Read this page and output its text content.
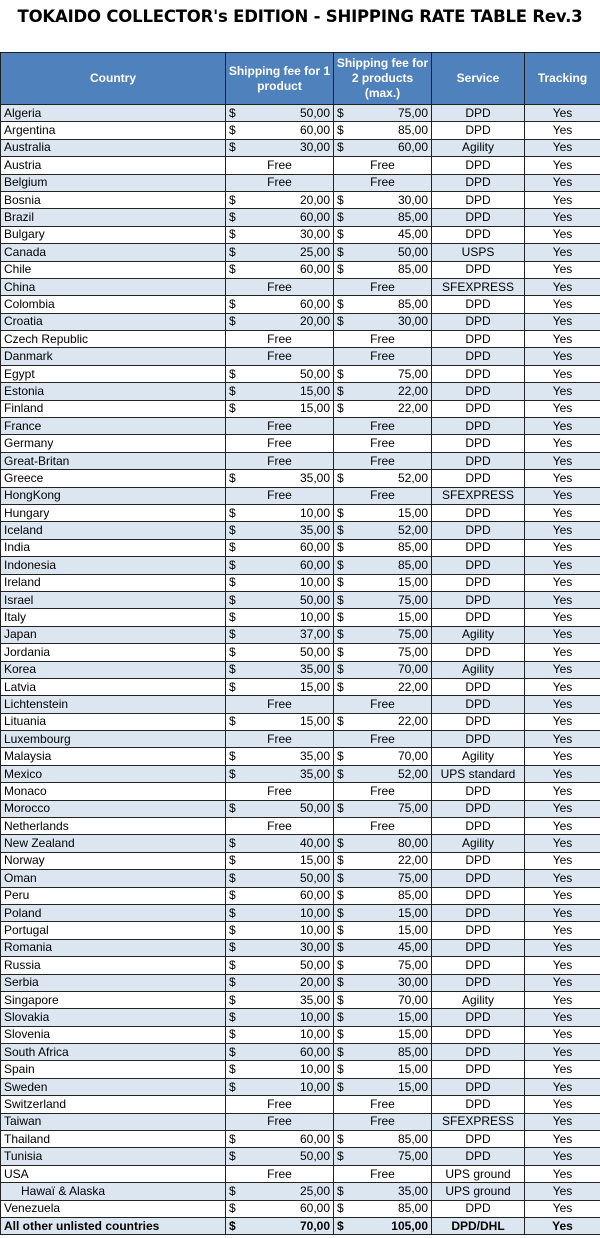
TOKAIDO COLLECTOR's EDITION - SHIPPING RATE TABLE Rev.3
Country	Shipping fee for 1 product	Shipping fee for 2 products (max.)	Service	Tracking
Algeria	$ 50,00	$ 75,00	DPD	Yes
Argentina	$ 60,00	$ 85,00	DPD	Yes
Australia	$ 30,00	$ 60,00	Agility	Yes
Austria	Free	Free	DPD	Yes
Belgium	Free	Free	DPD	Yes
Bosnia	$ 20,00	$ 30,00	DPD	Yes
Brazil	$ 60,00	$ 85,00	DPD	Yes
Bulgary	$ 30,00	$ 45,00	DPD	Yes
Canada	$ 25,00	$ 50,00	USPS	Yes
Chile	$ 60,00	$ 85,00	DPD	Yes
China	Free	Free	SFEXPRESS	Yes
Colombia	$ 60,00	$ 85,00	DPD	Yes
Croatia	$ 20,00	$ 30,00	DPD	Yes
Czech Republic	Free	Free	DPD	Yes
Danmark	Free	Free	DPD	Yes
Egypt	$ 50,00	$ 75,00	DPD	Yes
Estonia	$ 15,00	$ 22,00	DPD	Yes
Finland	$ 15,00	$ 22,00	DPD	Yes
France	Free	Free	DPD	Yes
Germany	Free	Free	DPD	Yes
Great-Britan	Free	Free	DPD	Yes
Greece	$ 35,00	$ 52,00	DPD	Yes
HongKong	Free	Free	SFEXPRESS	Yes
Hungary	$ 10,00	$ 15,00	DPD	Yes
Iceland	$ 35,00	$ 52,00	DPD	Yes
India	$ 60,00	$ 85,00	DPD	Yes
Indonesia	$ 60,00	$ 85,00	DPD	Yes
Ireland	$ 10,00	$ 15,00	DPD	Yes
Israel	$ 50,00	$ 75,00	DPD	Yes
Italy	$ 10,00	$ 15,00	DPD	Yes
Japan	$ 37,00	$ 75,00	Agility	Yes
Jordania	$ 50,00	$ 75,00	DPD	Yes
Korea	$ 35,00	$ 70,00	Agility	Yes
Latvia	$ 15,00	$ 22,00	DPD	Yes
Lichtenstein	Free	Free	DPD	Yes
Lituania	$ 15,00	$ 22,00	DPD	Yes
Luxembourg	Free	Free	DPD	Yes
Malaysia	$ 35,00	$ 70,00	Agility	Yes
Mexico	$ 35,00	$ 52,00	UPS standard	Yes
Monaco	Free	Free	DPD	Yes
Morocco	$ 50,00	$ 75,00	DPD	Yes
Netherlands	Free	Free	DPD	Yes
New Zealand	$ 40,00	$ 80,00	Agility	Yes
Norway	$ 15,00	$ 22,00	DPD	Yes
Oman	$ 50,00	$ 75,00	DPD	Yes
Peru	$ 60,00	$ 85,00	DPD	Yes
Poland	$ 10,00	$ 15,00	DPD	Yes
Portugal	$ 10,00	$ 15,00	DPD	Yes
Romania	$ 30,00	$ 45,00	DPD	Yes
Russia	$ 50,00	$ 75,00	DPD	Yes
Serbia	$ 20,00	$ 30,00	DPD	Yes
Singapore	$ 35,00	$ 70,00	Agility	Yes
Slovakia	$ 10,00	$ 15,00	DPD	Yes
Slovenia	$ 10,00	$ 15,00	DPD	Yes
South Africa	$ 60,00	$ 85,00	DPD	Yes
Spain	$ 10,00	$ 15,00	DPD	Yes
Sweden	$ 10,00	$ 15,00	DPD	Yes
Switzerland	Free	Free	DPD	Yes
Taiwan	Free	Free	SFEXPRESS	Yes
Thailand	$ 60,00	$ 85,00	DPD	Yes
Tunisia	$ 50,00	$ 75,00	DPD	Yes
USA	Free	Free	UPS ground	Yes
Hawaï & Alaska	$ 25,00	$ 35,00	UPS ground	Yes
Venezuela	$ 60,00	$ 85,00	DPD	Yes
All other unlisted countries	$ 70,00	$ 105,00	DPD/DHL	Yes
